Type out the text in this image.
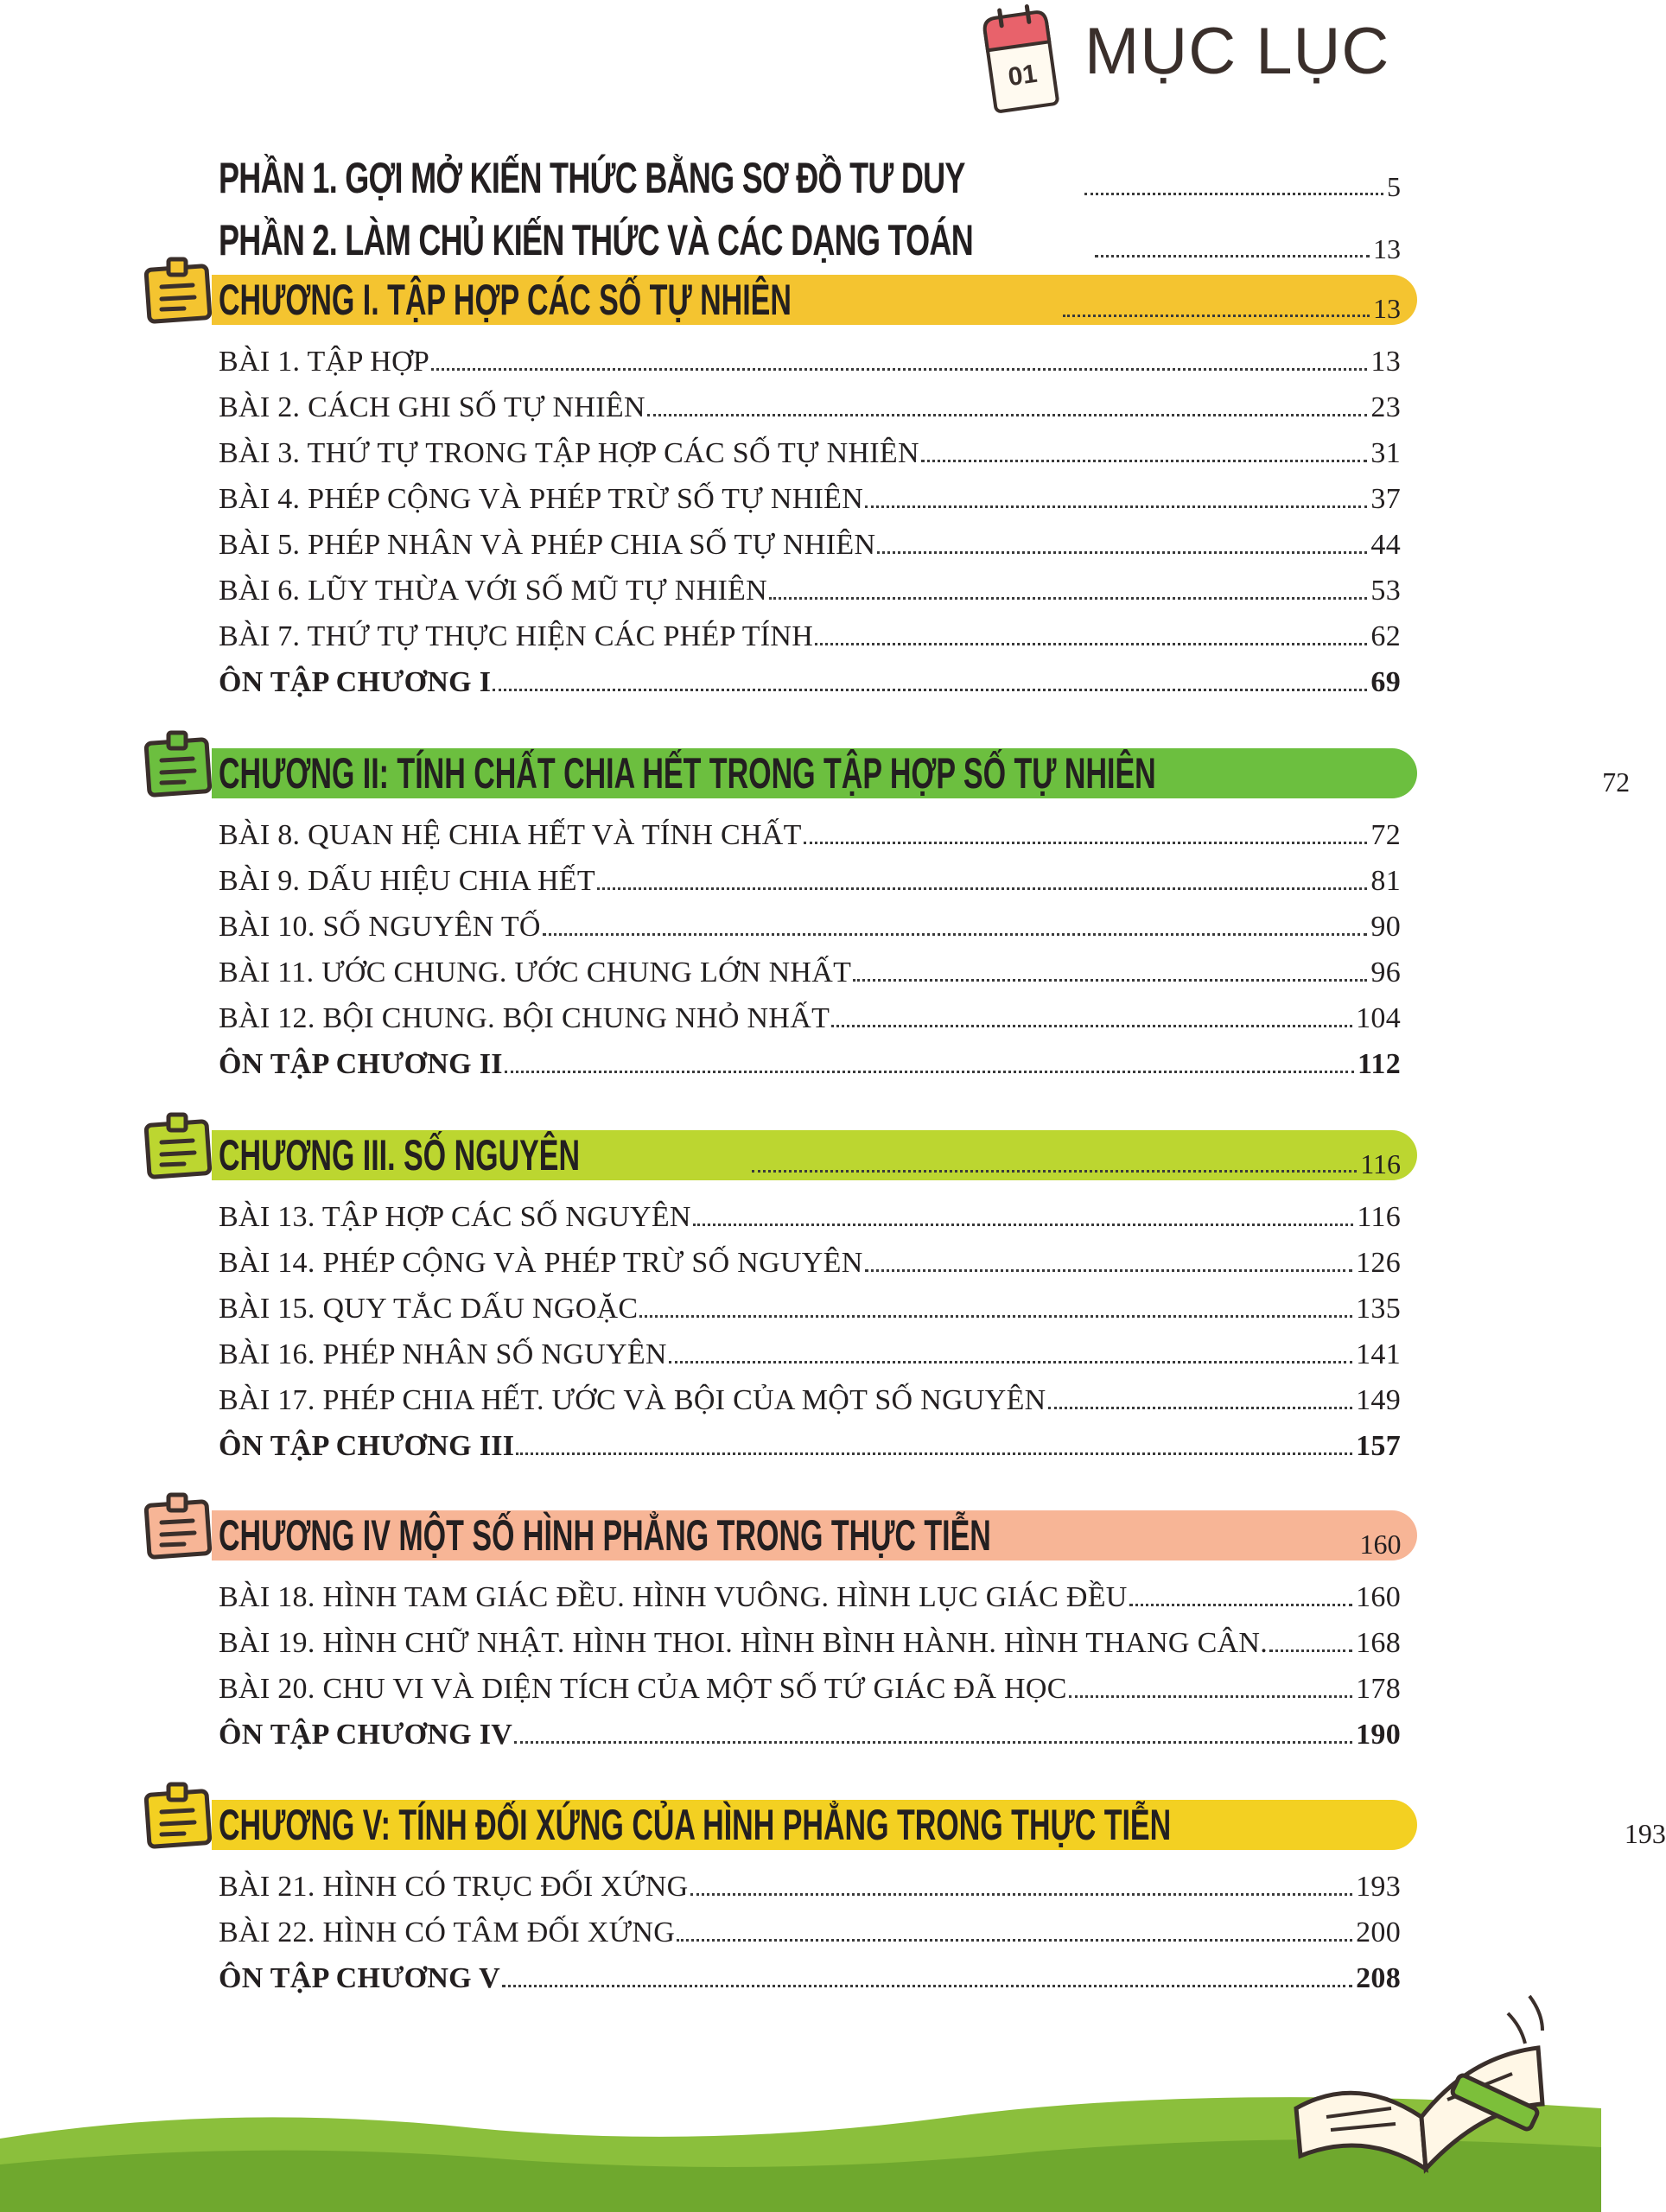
01 MỤC LỤC
PHẦN 1. GỢI MỞ KIẾN THỨC BẰNG SƠ ĐỒ TƯ DUY	5
PHẦN 2. LÀM CHỦ KIẾN THỨC VÀ CÁC DẠNG TOÁN	13
CHƯƠNG I. TẬP HỢP CÁC SỐ TỰ NHIÊN	13
BÀI 1. TẬP HỢP	13
BÀI 2. CÁCH GHI SỐ TỰ NHIÊN	23
BÀI 3. THỨ TỰ TRONG TẬP HỢP CÁC SỐ TỰ NHIÊN	31
BÀI 4. PHÉP CỘNG VÀ PHÉP TRỪ SỐ TỰ NHIÊN	37
BÀI 5. PHÉP NHÂN VÀ PHÉP CHIA SỐ TỰ NHIÊN	44
BÀI 6. LŨY THỪA VỚI SỐ MŨ TỰ NHIÊN	53
BÀI 7. THỨ TỰ THỰC HIỆN CÁC PHÉP TÍNH	62
ÔN TẬP CHƯƠNG I	69
CHƯƠNG II: TÍNH CHẤT CHIA HẾT TRONG TẬP HỢP SỐ TỰ NHIÊN	72
BÀI 8. QUAN HỆ CHIA HẾT VÀ TÍNH CHẤT	72
BÀI 9. DẤU HIỆU CHIA HẾT	81
BÀI 10. SỐ NGUYÊN TỐ	90
BÀI 11. ƯỚC CHUNG. ƯỚC CHUNG LỚN NHẤT	96
BÀI 12. BỘI CHUNG. BỘI CHUNG NHỎ NHẤT	104
ÔN TẬP CHƯƠNG II	112
CHƯƠNG III. SỐ NGUYÊN	116
BÀI 13. TẬP HỢP CÁC SỐ NGUYÊN	116
BÀI 14. PHÉP CỘNG VÀ PHÉP TRỪ SỐ NGUYÊN	126
BÀI 15. QUY TẮC DẤU NGOẶC	135
BÀI 16. PHÉP NHÂN SỐ NGUYÊN	141
BÀI 17. PHÉP CHIA HẾT. ƯỚC VÀ BỘI CỦA MỘT SỐ NGUYÊN	149
ÔN TẬP CHƯƠNG III	157
CHƯƠNG IV MỘT SỐ HÌNH PHẲNG TRONG THỰC TIỄN	160
BÀI 18. HÌNH TAM GIÁC ĐỀU. HÌNH VUÔNG. HÌNH LỤC GIÁC ĐỀU	160
BÀI 19. HÌNH CHỮ NHẬT. HÌNH THOI. HÌNH BÌNH HÀNH. HÌNH THANG CÂN.	168
BÀI 20. CHU VI VÀ DIỆN TÍCH CỦA MỘT SỐ TỨ GIÁC ĐÃ HỌC	178
ÔN TẬP CHƯƠNG IV	190
CHƯƠNG V: TÍNH ĐỐI XỨNG CỦA HÌNH PHẲNG TRONG THỰC TIỄN	193
BÀI 21. HÌNH CÓ TRỤC ĐỐI XỨNG	193
BÀI 22. HÌNH CÓ TÂM ĐỐI XỨNG	200
ÔN TẬP CHƯƠNG V	208
